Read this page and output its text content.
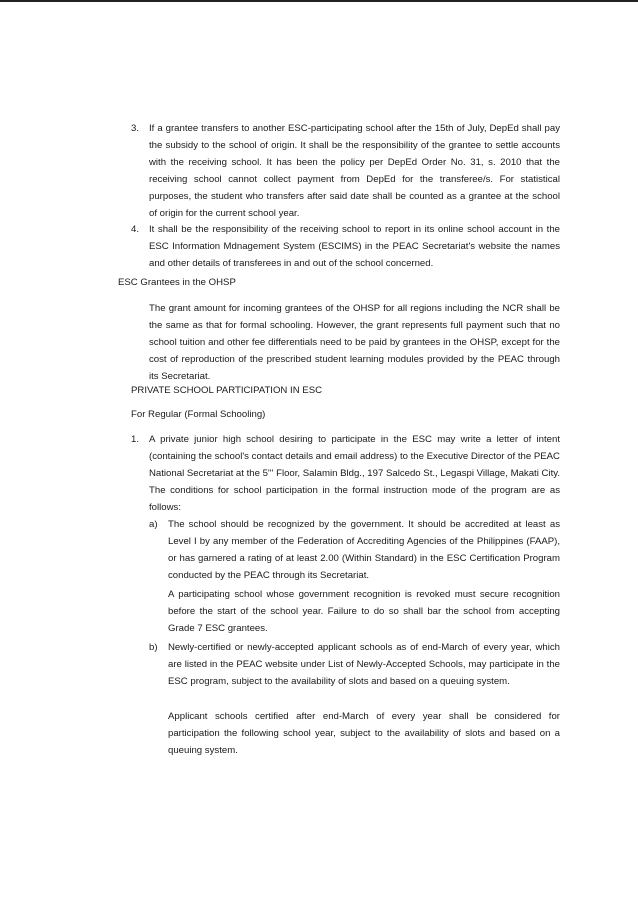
3. If a grantee transfers to another ESC-participating school after the 15th of July, DepEd shall pay the subsidy to the school of origin. It shall be the responsibility of the grantee to settle accounts with the receiving school. It has been the policy per DepEd Order No. 31, s. 2010 that the receiving school cannot collect payment from DepEd for the transferee/s. For statistical purposes, the student who transfers after said date shall be counted as a grantee at the school of origin for the current school year.

4. It shall be the responsibility of the receiving school to report in its online school account in the ESC Information Mdnagement System (ESCIMS) in the PEAC Secretariat's website the names and other details of transferees in and out of the school concerned.

ESC Grantees in the OHSP

The grant amount for incoming grantees of the OHSP for all regions including the NCR shall be the same as that for formal schooling. However, the grant represents full payment such that no school tuition and other fee differentials need to be paid by grantees in the OHSP, except for the cost of reproduction of the prescribed student learning modules provided by the PEAC through its Secretariat.

PRIVATE SCHOOL PARTICIPATION IN ESC

For Regular (Formal Schooling)

1. A private junior high school desiring to participate in the ESC may write a letter of intent (containing the school's contact details and email address) to the Executive Director of the PEAC National Secretariat at the 5''' Floor, Salamin Bldg., 197 Salcedo St., Legaspi Village, Makati City. The conditions for school participation in the formal instruction mode of the program are as follows:

a) The school should be recognized by the government. It should be accredited at least as Level I by any member of the Federation of Accrediting Agencies of the Philippines (FAAP), or has garnered a rating of at least 2.00 (Within Standard) in the ESC Certification Program conducted by the PEAC through its Secretariat.

A participating school whose government recognition is revoked must secure recognition before the start of the school year. Failure to do so shall bar the school from accepting Grade 7 ESC grantees.

b) Newly-certified or newly-accepted applicant schools as of end-March of every year, which are listed in the PEAC website under List of Newly-Accepted Schools, may participate in the ESC program, subject to the availability of slots and based on a queuing system.

Applicant schools certified after end-March of every year shall be considered for participation the following school year, subject to the availability of slots and based on a queuing system.
